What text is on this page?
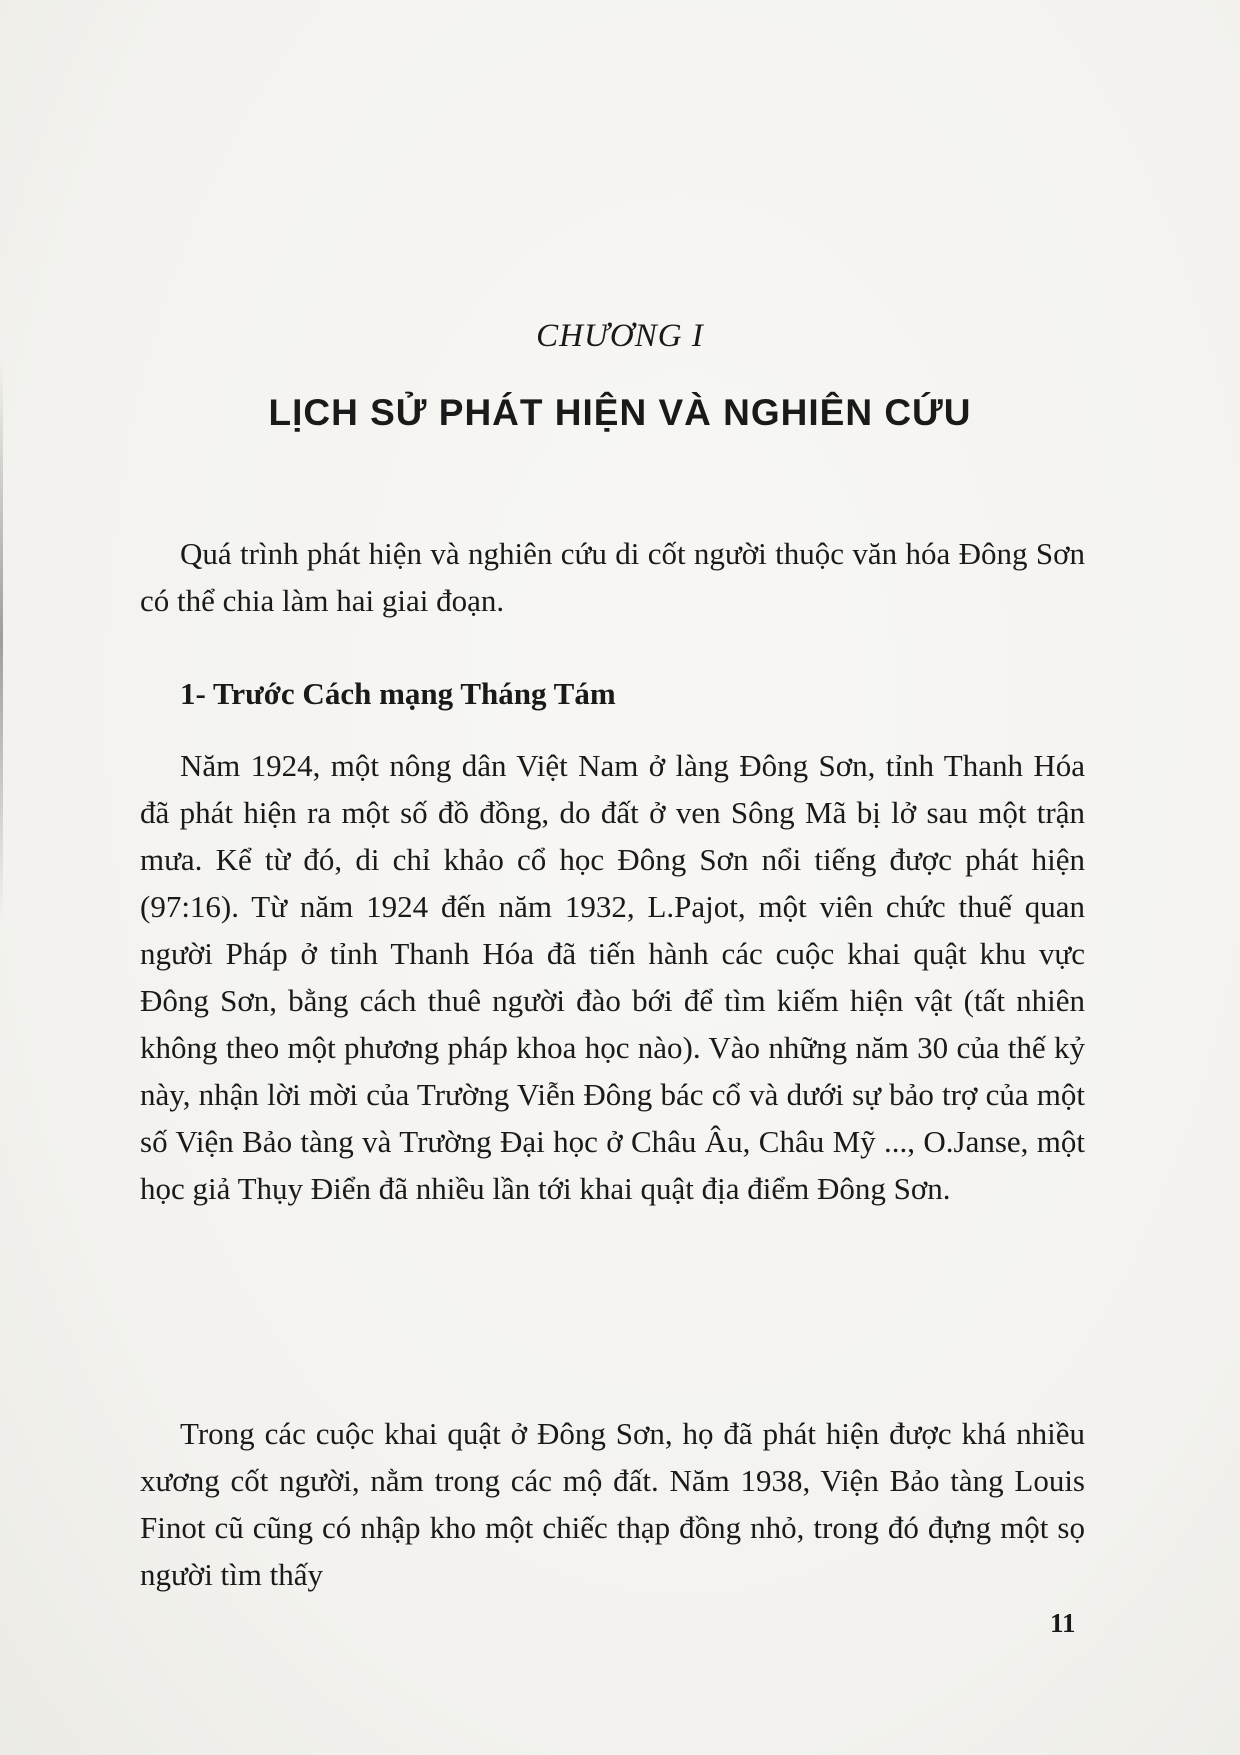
CHƯƠNG I
LỊCH SỬ PHÁT HIỆN VÀ NGHIÊN CỨU

Quá trình phát hiện và nghiên cứu di cốt người thuộc văn hóa Đông Sơn có thể chia làm hai giai đoạn.

1- Trước Cách mạng Tháng Tám

Năm 1924, một nông dân Việt Nam ở làng Đông Sơn, tỉnh Thanh Hóa đã phát hiện ra một số đồ đồng, do đất ở ven Sông Mã bị lở sau một trận mưa. Kể từ đó, di chỉ khảo cổ học Đông Sơn nổi tiếng được phát hiện (97:16). Từ năm 1924 đến năm 1932, L.Pajot, một viên chức thuế quan người Pháp ở tỉnh Thanh Hóa đã tiến hành các cuộc khai quật khu vực Đông Sơn, bằng cách thuê người đào bới để tìm kiếm hiện vật (tất nhiên không theo một phương pháp khoa học nào). Vào những năm 30 của thế kỷ này, nhận lời mời của Trường Viễn Đông bác cổ và dưới sự bảo trợ của một số Viện Bảo tàng và Trường Đại học ở Châu Âu, Châu Mỹ ..., O.Janse, một học giả Thụy Điển đã nhiều lần tới khai quật địa điểm Đông Sơn.

Trong các cuộc khai quật ở Đông Sơn, họ đã phát hiện được khá nhiều xương cốt người, nằm trong các mộ đất. Năm 1938, Viện Bảo tàng Louis Finot cũ cũng có nhập kho một chiếc thạp đồng nhỏ, trong đó đựng một sọ người tìm thấy

11
